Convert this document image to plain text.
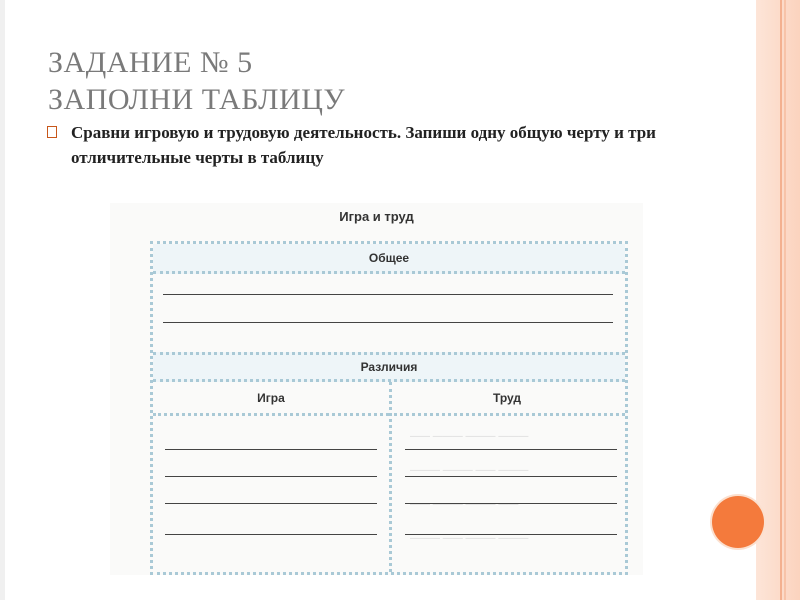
ЗАДАНИЕ № 5
ЗАПОЛНИ ТАБЛИЦУ
Сравни игровую и трудовую деятельность. Запиши одну общую черту и три отличительные черты в таблицу
Игра и труд
—— ——— ——— ———
——— ——— —— ———
—— ——— ——— ——
——— —— ——— ———
Общее
Различия
Игра	Труд
